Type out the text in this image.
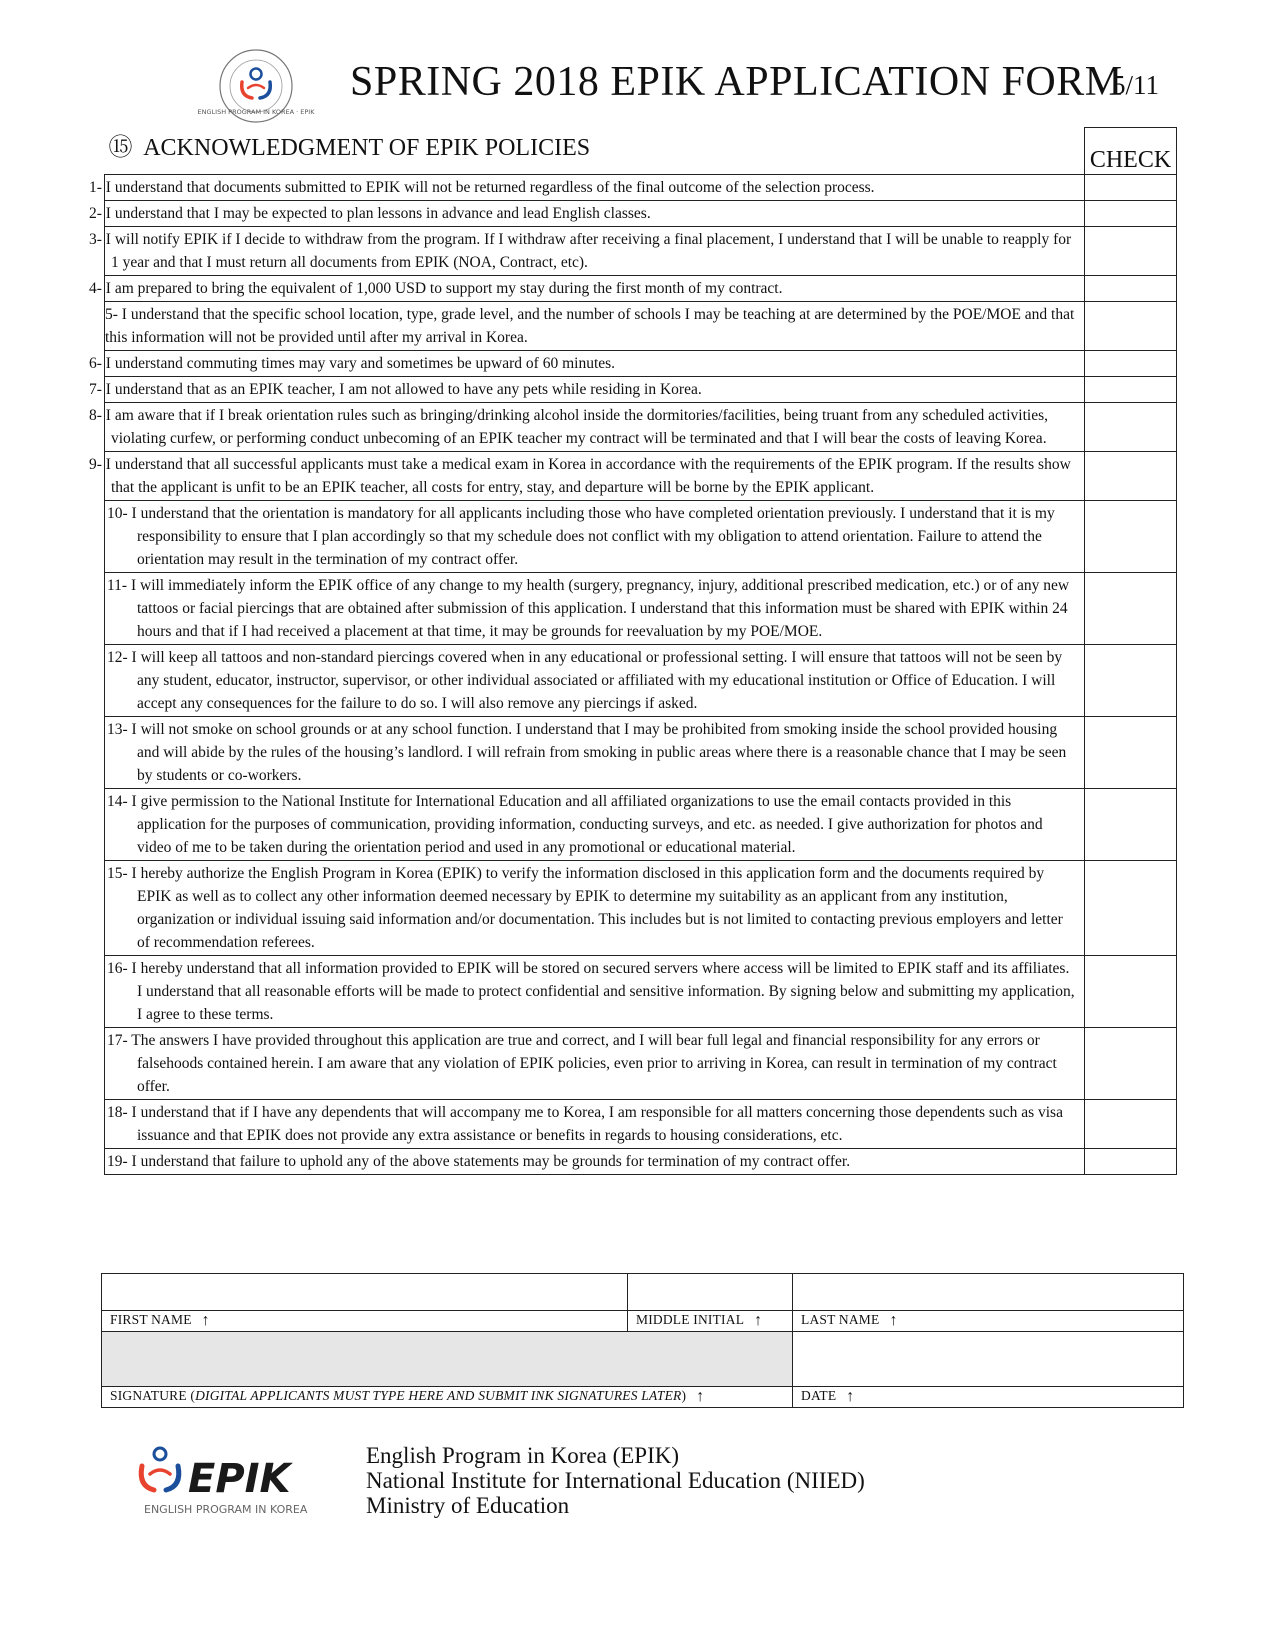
ENGLISH PROGRAM IN KOREA · EPIK
SPRING 2018 EPIK APPLICATION FORM
5/11
⑮ ACKNOWLEDGMENT OF EPIK POLICIES	CHECK
1- I understand that documents submitted to EPIK will not be returned regardless of the final outcome of the selection process.	
2- I understand that I may be expected to plan lessons in advance and lead English classes.	
3- I will notify EPIK if I decide to withdraw from the program. If I withdraw after receiving a final placement, I understand that I will be unable to reapply for 1 year and that I must return all documents from EPIK (NOA, Contract, etc).	
4- I am prepared to bring the equivalent of 1,000 USD to support my stay during the first month of my contract.	
5- I understand that the specific school location, type, grade level, and the number of schools I may be teaching at are determined by the POE/MOE and that this information will not be provided until after my arrival in Korea.	
6- I understand commuting times may vary and sometimes be upward of 60 minutes.	
7- I understand that as an EPIK teacher, I am not allowed to have any pets while residing in Korea.	
8- I am aware that if I break orientation rules such as bringing/drinking alcohol inside the dormitories/facilities, being truant from any scheduled activities, violating curfew, or performing conduct unbecoming of an EPIK teacher my contract will be terminated and that I will bear the costs of leaving Korea.	
9- I understand that all successful applicants must take a medical exam in Korea in accordance with the requirements of the EPIK program. If the results show that the applicant is unfit to be an EPIK teacher, all costs for entry, stay, and departure will be borne by the EPIK applicant.	
10- I understand that the orientation is mandatory for all applicants including those who have completed orientation previously. I understand that it is my responsibility to ensure that I plan accordingly so that my schedule does not conflict with my obligation to attend orientation. Failure to attend the orientation may result in the termination of my contract offer.	
11- I will immediately inform the EPIK office of any change to my health (surgery, pregnancy, injury, additional prescribed medication, etc.) or of any new tattoos or facial piercings that are obtained after submission of this application. I understand that this information must be shared with EPIK within 24 hours and that if I had received a placement at that time, it may be grounds for reevaluation by my POE/MOE.	
12- I will keep all tattoos and non-standard piercings covered when in any educational or professional setting. I will ensure that tattoos will not be seen by any student, educator, instructor, supervisor, or other individual associated or affiliated with my educational institution or Office of Education. I will accept any consequences for the failure to do so. I will also remove any piercings if asked.	
13- I will not smoke on school grounds or at any school function. I understand that I may be prohibited from smoking inside the school provided housing and will abide by the rules of the housing’s landlord. I will refrain from smoking in public areas where there is a reasonable chance that I may be seen by students or co-workers.	
14- I give permission to the National Institute for International Education and all affiliated organizations to use the email contacts provided in this application for the purposes of communication, providing information, conducting surveys, and etc. as needed. I give authorization for photos and video of me to be taken during the orientation period and used in any promotional or educational material.	
15- I hereby authorize the English Program in Korea (EPIK) to verify the information disclosed in this application form and the documents required by EPIK as well as to collect any other information deemed necessary by EPIK to determine my suitability as an applicant from any institution, organization or individual issuing said information and/or documentation. This includes but is not limited to contacting previous employers and letter of recommendation referees.	
16- I hereby understand that all information provided to EPIK will be stored on secured servers where access will be limited to EPIK staff and its affiliates. I understand that all reasonable efforts will be made to protect confidential and sensitive information. By signing below and submitting my application, I agree to these terms.	
17- The answers I have provided throughout this application are true and correct, and I will bear full legal and financial responsibility for any errors or falsehoods contained herein. I am aware that any violation of EPIK policies, even prior to arriving in Korea, can result in termination of my contract offer.	
18- I understand that if I have any dependents that will accompany me to Korea, I am responsible for all matters concerning those dependents such as visa issuance and that EPIK does not provide any extra assistance or benefits in regards to housing considerations, etc.	
19- I understand that failure to uphold any of the above statements may be grounds for termination of my contract offer.	

FIRST NAME ↑	MIDDLE INITIAL ↑	LAST NAME ↑

SIGNATURE (DIGITAL APPLICANTS MUST TYPE HERE AND SUBMIT INK SIGNATURES LATER) ↑		DATE ↑
EPIK
ENGLISH PROGRAM IN KOREA
English Program in Korea (EPIK)
National Institute for International Education (NIIED)
Ministry of Education
